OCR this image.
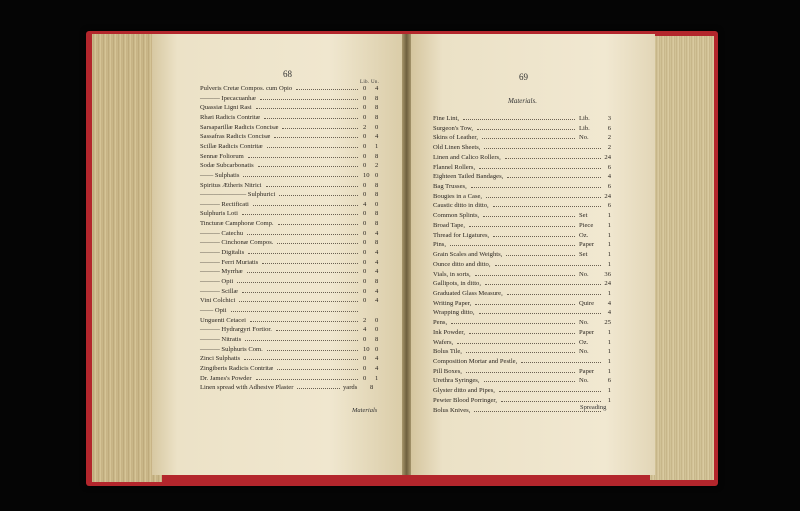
68	69
Lib. Un.
Materials.
Pulveris Cretæ Compos. cum Opio	0 4
——— Ipecacuanhæ	0 8
Quassiæ Ligni Rasi	0 8
Rhæi Radicis Contritæ	0 8
Sarsaparillæ Radicis Concisæ	2 0
Sassafras Radicis Concisæ	0 4
Scillæ Radicis Contritæ	0 1
Sennæ Foliorum	0 8
Sodæ Subcarbonatis	0 2
—— Sulphatis	10 0
Spiritus Ætheris Nitrici	0 8
——————— Sulphurici	0 8
——— Rectificati	4 0
Sulphuris Loti	0 8
Tincturæ Camphoræ Comp.	0 8
——— Catechu	0 4
——— Cinchonæ Compos.	0 8
——— Digitalis	0 4
——— Ferri Muriatis	0 4
——— Myrrhæ	0 4
——— Opii	0 8
——— Scillæ	0 4
Vini Colchici	0 4
—— Opii
Unguenti Cetacei	2 0
——— Hydrargyri Fortior.	4 0
——— Nitratis	0 8
——— Sulphuris Com.	10 0
Zinci Sulphatis	0 4
Zingiberis Radicis Contritæ	0 4
Dr. James's Powder	0 1
Linen spread with Adhesive Plaster	yards 8
Fine Lint,	Lib.	3
Surgeon's Tow,	Lib.	6
Skins of Leather,	No.	2
Old Linen Sheets,	2
Linen and Calico Rollers,	24
Flannel Rollers,	6
Eighteen Tailed Bandages,	4
Bag Trusses,	6
Bougies in a Case,	24
Caustic ditto in ditto,	6
Common Splints,	Set	1
Broad Tape,	Piece 1
Thread for Ligatures,	Oz.	1
Pins,	Paper 1
Grain Scales and Weights,	Set	1
Ounce ditto and ditto,	1
Vials, in sorts,	No. 36
Gallipots, in ditto,	24
Graduated Glass Measure,	1
Writing Paper,	Quire 4
Wrapping ditto,	4
Pens,	No. 25
Ink Powder,	Paper 1
Wafers,	Oz.	1
Bolus Tile,	No.	1
Composition Mortar and Pestle,	1
Pill Boxes,	Paper 1
Urethra Syringes,	No.	6
Glyster ditto and Pipes,	1
Pewter Blood Porringer,	1
Bolus Knives,
Materials	Spreading
